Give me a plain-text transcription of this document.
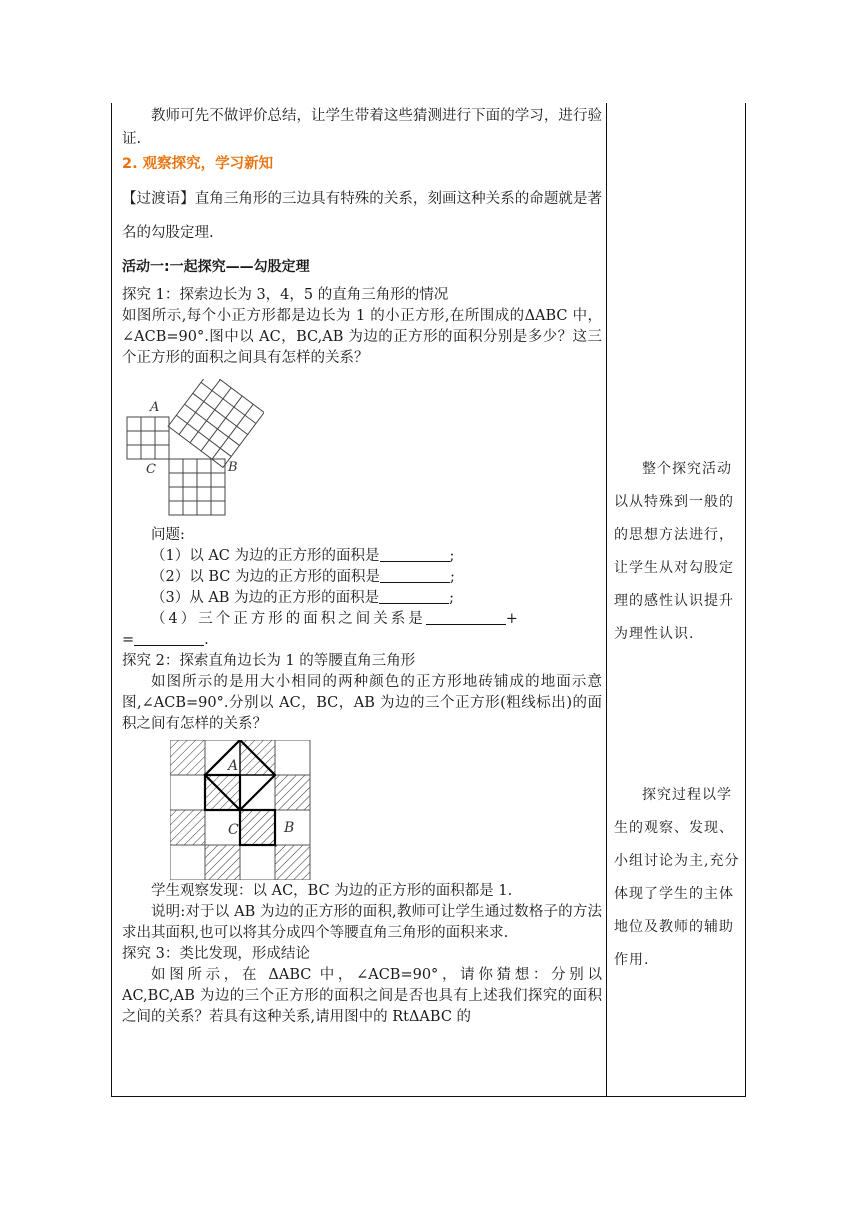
教师可先不做评价总结，让学生带着这些猜测进行下面的学习，进行验证.

2. 观察探究，学习新知

【过渡语】直角三角形的三边具有特殊的关系，刻画这种关系的命题就是著名的勾股定理.

活动一:一起探究——勾股定理

探究 1：探索边长为 3，4，5 的直角三角形的情况

如图所示,每个小正方形都是边长为 1 的小正方形,在所围成的ΔABC 中，∠ACB=90°.图中以 AC，BC,AB 为边的正方形的面积分别是多少？这三个正方形的面积之间具有怎样的关系？

A
B
C

问题:

（1）以 AC 为边的正方形的面积是	;

（2）以 BC 为边的正方形的面积是	;

（3）从 AB 为边的正方形的面积是	;

（4）三个正方形的面积之间关系是	+

=	.

探究 2：探索直角边长为 1 的等腰直角三角形

如图所示的是用大小相同的两种颜色的正方形地砖铺成的地面示意图,∠ACB=90°.分别以 AC，BC，AB 为边的三个正方形(粗线标出)的面积之间有怎样的关系？

A
B
C

学生观察发现：以 AC，BC 为边的正方形的面积都是 1.

说明:对于以 AB 为边的正方形的面积,教师可让学生通过数格子的方法求出其面积,也可以将其分成四个等腰直角三角形的面积来求.

探究 3：类比发现，形成结论

如图所示，在 ΔABC 中，∠ACB=90°，请你猜想：分别以AC,BC,AB 为边的三个正方形的面积之间是否也具有上述我们探究的面积之间的关系？若具有这种关系,请用图中的 RtΔABC 的

整个探究活动以从特殊到一般的的思想方法进行，让学生从对勾股定理的感性认识提升为理性认识.

探究过程以学生的观察、发现、小组讨论为主,充分体现了学生的主体地位及教师的辅助作用.
